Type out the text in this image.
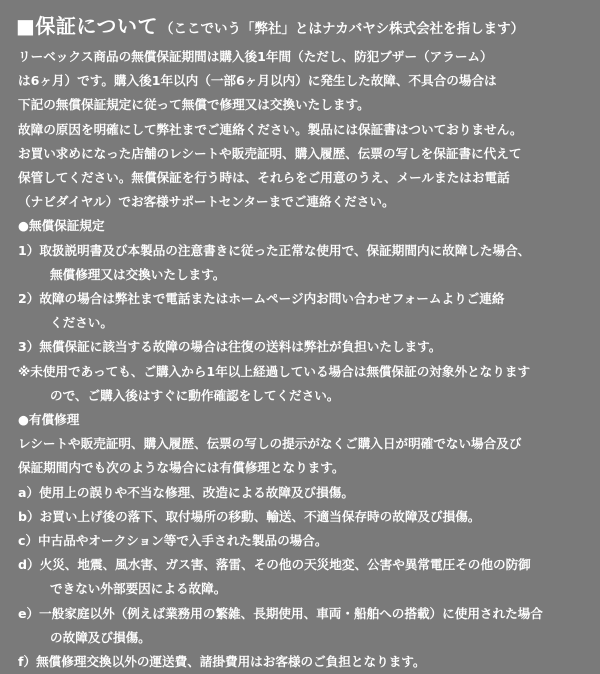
■保証について （ここでいう「弊社」とはナカバヤシ株式会社を指します）
リーベックス商品の無償保証期間は購入後1年間（ただし、防犯ブザー（アラーム）
は6ヶ月）です。購入後1年以内（一部6ヶ月以内）に発生した故障、不具合の場合は
下記の無償保証規定に従って無償で修理又は交換いたします。
故障の原因を明確にして弊社までご連絡ください。製品には保証書はついておりません。
お買い求めになった店舗のレシートや販売証明、購入履歴、伝票の写しを保証書に代えて
保管してください。無償保証を行う時は、それらをご用意のうえ、メールまたはお電話
（ナビダイヤル）でお客様サポートセンターまでご連絡ください。
●無償保証規定
1）取扱説明書及び本製品の注意書きに従った正常な使用で、保証期間内に故障した場合、
無償修理又は交換いたします。
2）故障の場合は弊社まで電話またはホームページ内お問い合わせフォームよりご連絡
ください。
3）無償保証に該当する故障の場合は往復の送料は弊社が負担いたします。
※未使用であっても、ご購入から1年以上経過している場合は無償保証の対象外となります
ので、ご購入後はすぐに動作確認をしてください。
●有償修理
レシートや販売証明、購入履歴、伝票の写しの提示がなくご購入日が明確でない場合及び
保証期間内でも次のような場合には有償修理となります。
a）使用上の誤りや不当な修理、改造による故障及び損傷。
b）お買い上げ後の落下、取付場所の移動、輸送、不適当保存時の故障及び損傷。
c）中古品やオークション等で入手された製品の場合。
d）火災、地震、風水害、ガス害、落雷、その他の天災地変、公害や異常電圧その他の防御
できない外部要因による故障。
e）一般家庭以外（例えば業務用の繁雑、長期使用、車両・船舶への搭載）に使用された場合
の故障及び損傷。
f）無償修理交換以外の運送費、諸掛費用はお客様のご負担となります。
